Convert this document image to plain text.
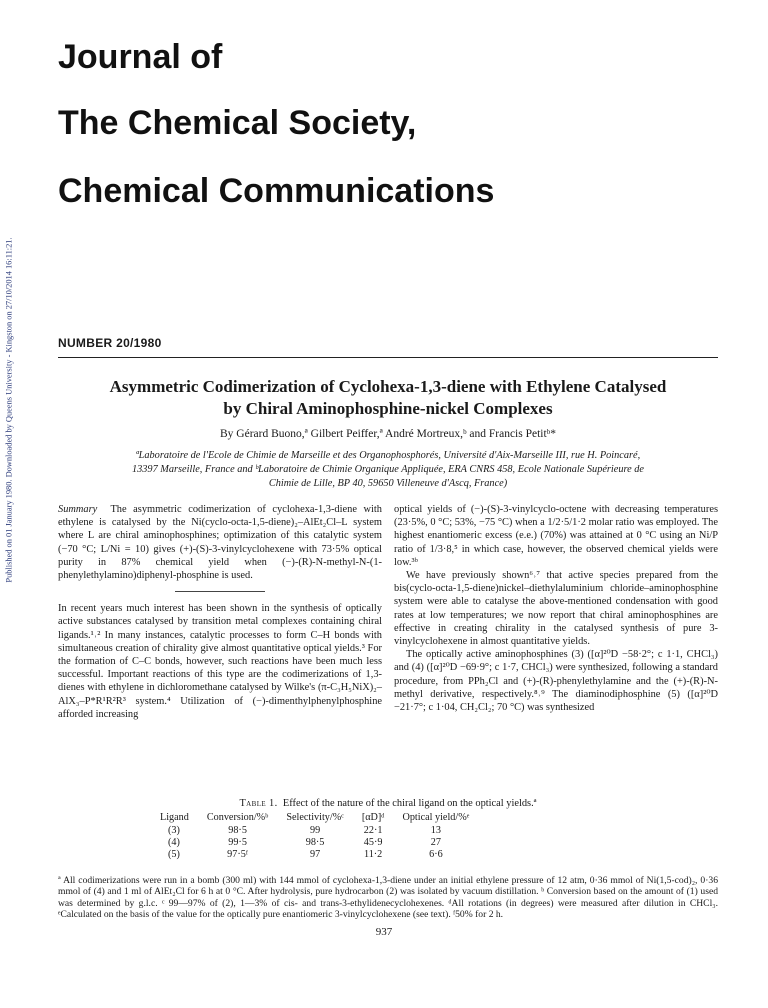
Published on 01 January 1980. Downloaded by Queens University - Kingston on 27/10/2014 16:11:21.
Journal of
The Chemical Society,
Chemical Communications
NUMBER 20/1980
Asymmetric Codimerization of Cyclohexa-1,3-diene with Ethylene Catalysed
by Chiral Aminophosphine-nickel Complexes
By Gérard Buono,ª Gilbert Peiffer,ª André Mortreux,ᵇ and Francis Petitᵇ*
ªLaboratoire de l'Ecole de Chimie de Marseille et des Organophosphorés, Université d'Aix-Marseille III, rue H. Poincaré,
13397 Marseille, France and ᵇLaboratoire de Chimie Organique Appliquée, ERA CNRS 458, Ecole Nationale Supérieure de
Chimie de Lille, BP 40, 59650 Villeneuve d'Ascq, France)

Summary The asymmetric codimerization of cyclohexa-1,3-diene with ethylene is catalysed by the Ni(cyclo-octa-1,5-diene)₂–AlEt₂Cl–L system where L are chiral aminophosphines; optimization of this catalytic system (−70 °C; L/Ni = 10) gives (+)-(S)-3-vinylcyclohexene with 73·5% optical purity in 87% chemical yield when (−)-(R)-N-methyl-N-(1-phenylethylamino)diphenyl-phosphine is used.

In recent years much interest has been shown in the synthesis of optically active substances catalysed by transition metal complexes containing chiral ligands.¹˒² In many instances, catalytic processes to form C–H bonds with simultaneous creation of chirality give almost quantitative optical yields.³ For the formation of C–C bonds, however, such reactions have been much less successful. Important reactions of this type are the codimerizations of 1,3-dienes with ethylene in dichloromethane catalysed by Wilke's (π-C₃H₅NiX)₂–AlX₃–P*R¹R²R³ system.⁴ Utilization of (−)-dimenthylphenylphosphine afforded increasing

optical yields of (−)-(S)-3-vinylcyclo-octene with decreasing temperatures (23·5%, 0 °C; 53%, −75 °C) when a 1/2·5/1·2 molar ratio was employed. The highest enantiomeric excess (e.e.) (70%) was attained at 0 °C using an Ni/P ratio of 1/3·8,⁵ in which case, however, the observed chemical yields were low.³ᵇ

We have previously shown⁶˒⁷ that active species prepared from the bis(cyclo-octa-1,5-diene)nickel–diethylaluminium chloride–aminophosphine system were able to catalyse the above-mentioned condensation with good rates at low temperatures; we now report that chiral aminophosphines are effective in creating chirality in the catalysed synthesis of pure 3-vinylcyclohexene in almost quantitative yields.

The optically active aminophosphines (3) ([α]²⁰D −58·2°; c 1·1, CHCl₃) and (4) ([α]²⁰D −69·9°; c 1·7, CHCl₃) were synthesized, following a standard procedure, from PPh₂Cl and (+)-(R)-phenylethylamine and the (+)-(R)-N-methyl derivative, respectively.⁸˒⁹ The diaminodiphosphine (5) ([α]²⁰D −21·7°; c 1·04, CH₂Cl₂; 70 °C) was synthesized

Table 1. Effect of the nature of the chiral ligand on the optical yields.ª
Ligand	Conversion/%ᵇ	Selectivity/%ᶜ	[αD]ᵈ	Optical yield/%ᵉ
(3)	98·5	99	22·1	13
(4)	99·5	98·5	45·9	27
(5)	97·5ᶠ	97	11·2	6·6
ª All codimerizations were run in a bomb (300 ml) with 144 mmol of cyclohexa-1,3-diene under an initial ethylene pressure of 12 atm, 0·36 mmol of Ni(1,5-cod)₂, 0·36 mmol of (4) and 1 ml of AlEt₂Cl for 6 h at 0 °C. After hydrolysis, pure hydrocarbon (2) was isolated by vacuum distillation. ᵇ Conversion based on the amount of (1) used was determined by g.l.c. ᶜ 99—97% of (2), 1—3% of cis- and trans-3-ethylidenecyclohexenes. ᵈAll rotations (in degrees) were measured after dilution in CHCl₃. ᵉCalculated on the basis of the value for the optically pure enantiomeric 3-vinylcyclohexene (see text). ᶠ50% for 2 h.
937
